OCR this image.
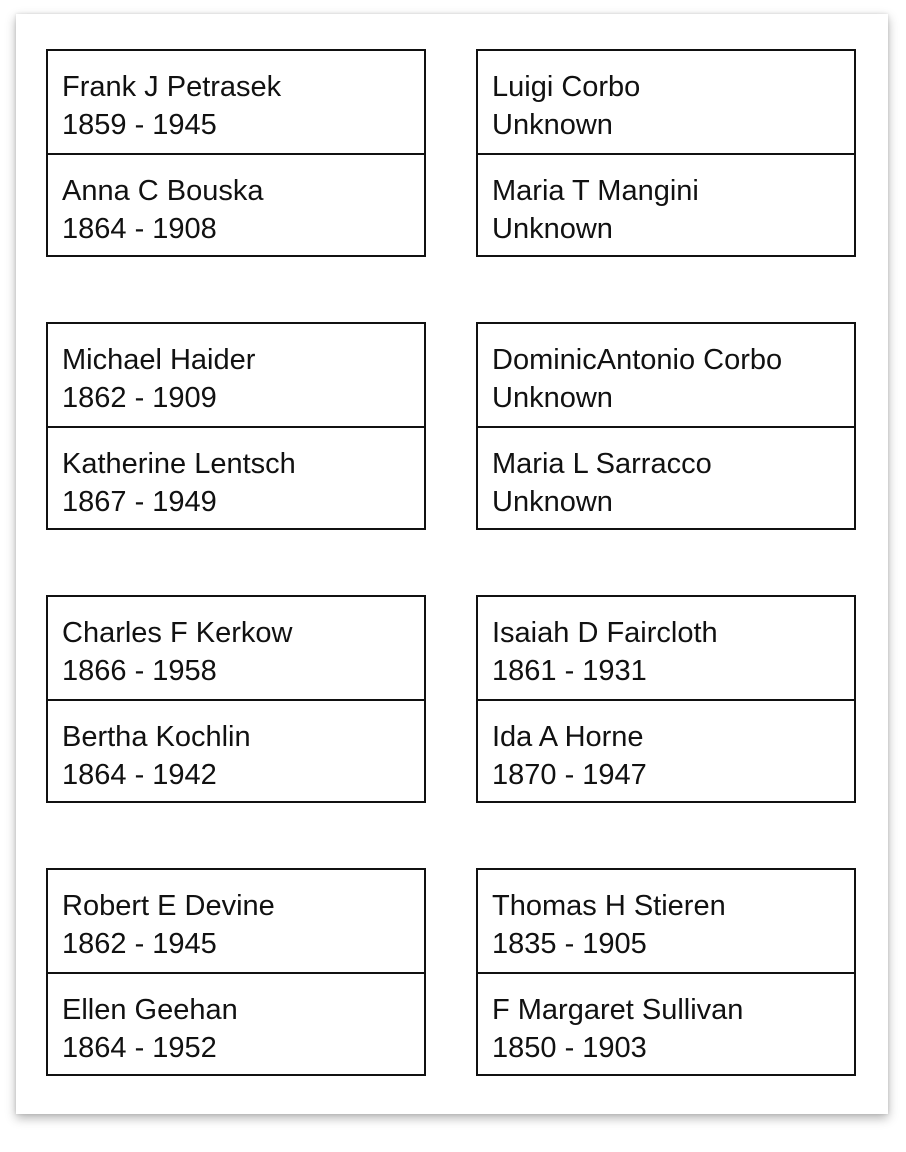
Frank J Petrasek
1859 - 1945
Anna C Bouska
1864 - 1908
Luigi Corbo
Unknown
Maria T Mangini
Unknown
Michael Haider
1862 - 1909
Katherine Lentsch
1867 - 1949
DominicAntonio Corbo
Unknown
Maria L Sarracco
Unknown
Charles F Kerkow
1866 - 1958
Bertha Kochlin
1864 - 1942
Isaiah D Faircloth
1861 - 1931
Ida A Horne
1870 - 1947
Robert E Devine
1862 - 1945
Ellen Geehan
1864 - 1952
Thomas H Stieren
1835 - 1905
F Margaret Sullivan
1850 - 1903
